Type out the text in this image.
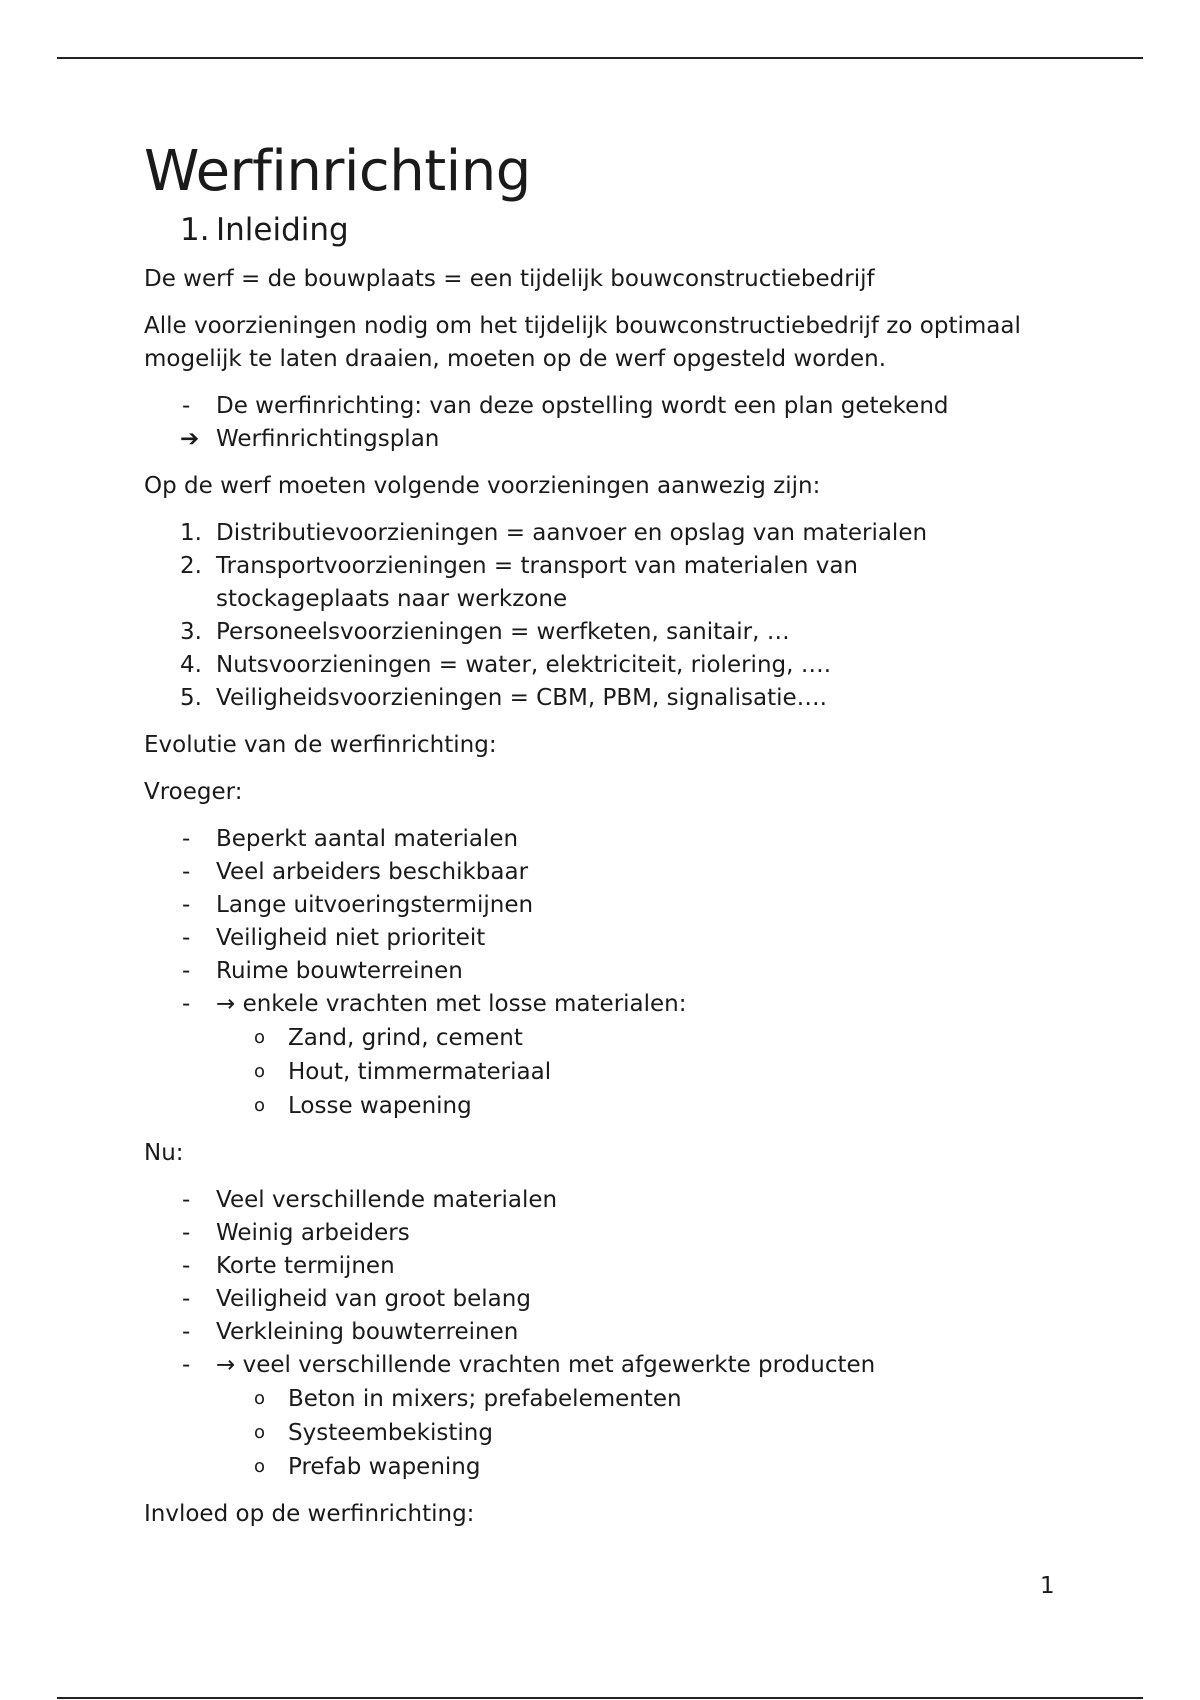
Werfinrichting
1. Inleiding

De werf = de bouwplaats = een tijdelijk bouwconstructiebedrijf

Alle voorzieningen nodig om het tijdelijk bouwconstructiebedrijf zo optimaal mogelijk te laten draaien, moeten op de werf opgesteld worden.

-	De werfinrichting: van deze opstelling wordt een plan getekend
➔ Werfinrichtingsplan

Op de werf moeten volgende voorzieningen aanwezig zijn:

1. Distributievoorzieningen = aanvoer en opslag van materialen
2. Transportvoorzieningen = transport van materialen van stockageplaats naar werkzone
3. Personeelsvoorzieningen = werfketen, sanitair, …
4. Nutsvoorzieningen = water, elektriciteit, riolering, ….
5. Veiligheidsvoorzieningen = CBM, PBM, signalisatie….

Evolutie van de werfinrichting:

Vroeger:

-	Beperkt aantal materialen
-	Veel arbeiders beschikbaar
-	Lange uitvoeringstermijnen
-	Veiligheid niet prioriteit
-	Ruime bouwterreinen
-	→ enkele vrachten met losse materialen:
o Zand, grind, cement
o Hout, timmermateriaal
o Losse wapening

Nu:

-	Veel verschillende materialen
-	Weinig arbeiders
-	Korte termijnen
-	Veiligheid van groot belang
-	Verkleining bouwterreinen
-	→ veel verschillende vrachten met afgewerkte producten
o Beton in mixers; prefabelementen
o Systeembekisting
o Prefab wapening

Invloed op de werfinrichting:

1
